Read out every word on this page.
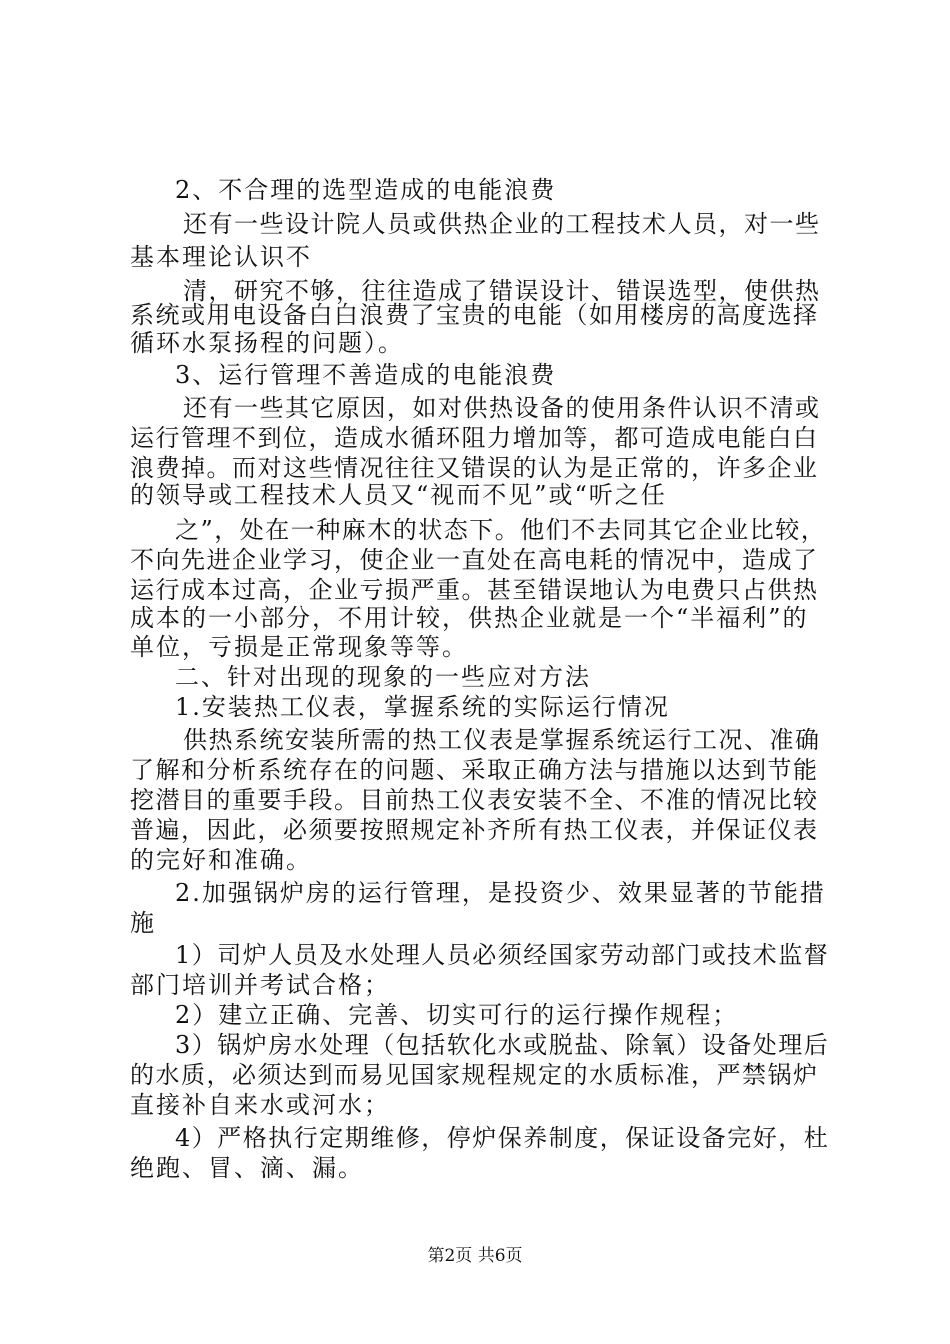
2、不合理的选型造成的电能浪费
还有一些设计院人员或供热企业的工程技术人员，对一些
基本理论认识不
清，研究不够，往往造成了错误设计、错误选型，使供热
系统或用电设备白白浪费了宝贵的电能（如用楼房的高度选择
循环水泵扬程的问题）。
3、运行管理不善造成的电能浪费
还有一些其它原因，如对供热设备的使用条件认识不清或
运行管理不到位，造成水循环阻力增加等，都可造成电能白白
浪费掉。而对这些情况往往又错误的认为是正常的，许多企业
的领导或工程技术人员又“视而不见”或“听之任
之”，处在一种麻木的状态下。他们不去同其它企业比较，
不向先进企业学习，使企业一直处在高电耗的情况中，造成了
运行成本过高，企业亏损严重。甚至错误地认为电费只占供热
成本的一小部分，不用计较，供热企业就是一个“半福利”的
单位，亏损是正常现象等等。
二、针对出现的现象的一些应对方法
1.安装热工仪表，掌握系统的实际运行情况
供热系统安装所需的热工仪表是掌握系统运行工况、准确
了解和分析系统存在的问题、采取正确方法与措施以达到节能
挖潜目的重要手段。目前热工仪表安装不全、不准的情况比较
普遍，因此，必须要按照规定补齐所有热工仪表，并保证仪表
的完好和准确。
2.加强锅炉房的运行管理，是投资少、效果显著的节能措
施
1）司炉人员及水处理人员必须经国家劳动部门或技术监督
部门培训并考试合格；
2）建立正确、完善、切实可行的运行操作规程；
3）锅炉房水处理（包括软化水或脱盐、除氧）设备处理后
的水质，必须达到而易见国家规程规定的水质标准，严禁锅炉
直接补自来水或河水；
4）严格执行定期维修，停炉保养制度，保证设备完好，杜
绝跑、冒、滴、漏。
第2页 共6页
